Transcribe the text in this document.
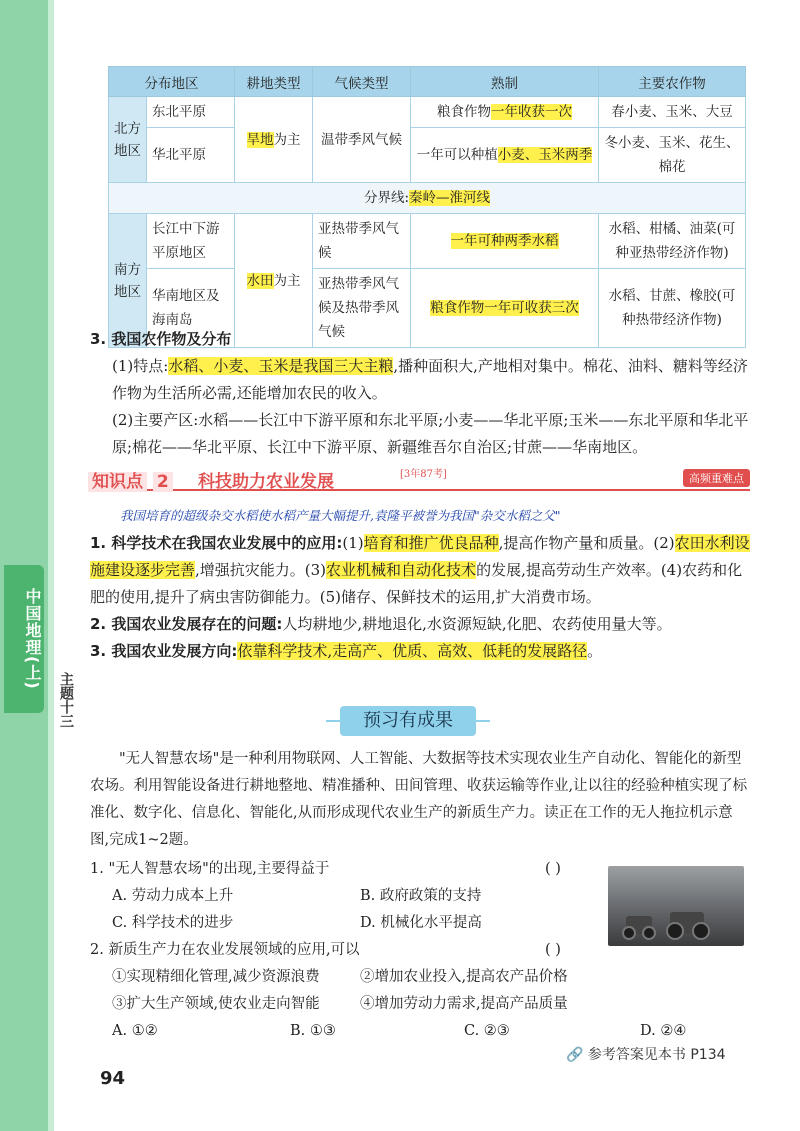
中国地理(上)
主题十三
分布地区		耕地类型	气候类型	熟制	主要农作物
北方地区	东北平原	旱地为主	温带季风气候	粮食作物一年收获一次	春小麦、玉米、大豆
	华北平原			一年可以种植小麦、玉米两季	冬小麦、玉米、花生、棉花
分界线:秦岭—淮河线					
南方地区	长江中下游平原地区	水田为主	亚热带季风气候	一年可种两季水稻	水稻、柑橘、油菜(可种亚热带经济作物)
	华南地区及海南岛		亚热带季风气候及热带季风气候	粮食作物一年可收获三次	水稻、甘蔗、橡胶(可种热带经济作物)
3. 我国农作物及分布
(1)特点:水稻、小麦、玉米是我国三大主粮,播种面积大,产地相对集中。棉花、油料、糖料等经济作物为生活所必需,还能增加农民的收入。
(2)主要产区:水稻——长江中下游平原和东北平原;小麦——华北平原;玉米——东北平原和华北平原;棉花——华北平原、长江中下游平原、新疆维吾尔自治区;甘蔗——华南地区。
知识点 2 科技助力农业发展	[3年87考]	高频重难点
我国培育的超级杂交水稻使水稻产量大幅提升,袁隆平被誉为我国"杂交水稻之父"
1. 科学技术在我国农业发展中的应用:(1)培育和推广优良品种,提高作物产量和质量。(2)农田水利设施建设逐步完善,增强抗灾能力。(3)农业机械和自动化技术的发展,提高劳动生产效率。(4)农药和化肥的使用,提升了病虫害防御能力。(5)储存、保鲜技术的运用,扩大消费市场。
2. 我国农业发展存在的问题:人均耕地少,耕地退化,水资源短缺,化肥、农药使用量大等。
3. 我国农业发展方向:依靠科学技术,走高产、优质、高效、低耗的发展路径。
预习有成果
"无人智慧农场"是一种利用物联网、人工智能、大数据等技术实现农业生产自动化、智能化的新型农场。利用智能设备进行耕地整地、精准播种、田间管理、收获运输等作业,让以往的经验种植实现了标准化、数字化、信息化、智能化,从而形成现代农业生产的新质生产力。读正在工作的无人拖拉机示意图,完成1~2题。
1. "无人智慧农场"的出现,主要得益于	( )
A. 劳动力成本上升	B. 政府政策的支持
C. 科学技术的进步	D. 机械化水平提高
2. 新质生产力在农业发展领域的应用,可以	( )
①实现精细化管理,减少资源浪费	②增加农业投入,提高农产品价格
③扩大生产领域,使农业走向智能	④增加劳动力需求,提高产品质量
A. ①②	B. ①③	C. ②③	D. ②④
🔗 参考答案见本书 P134
94
